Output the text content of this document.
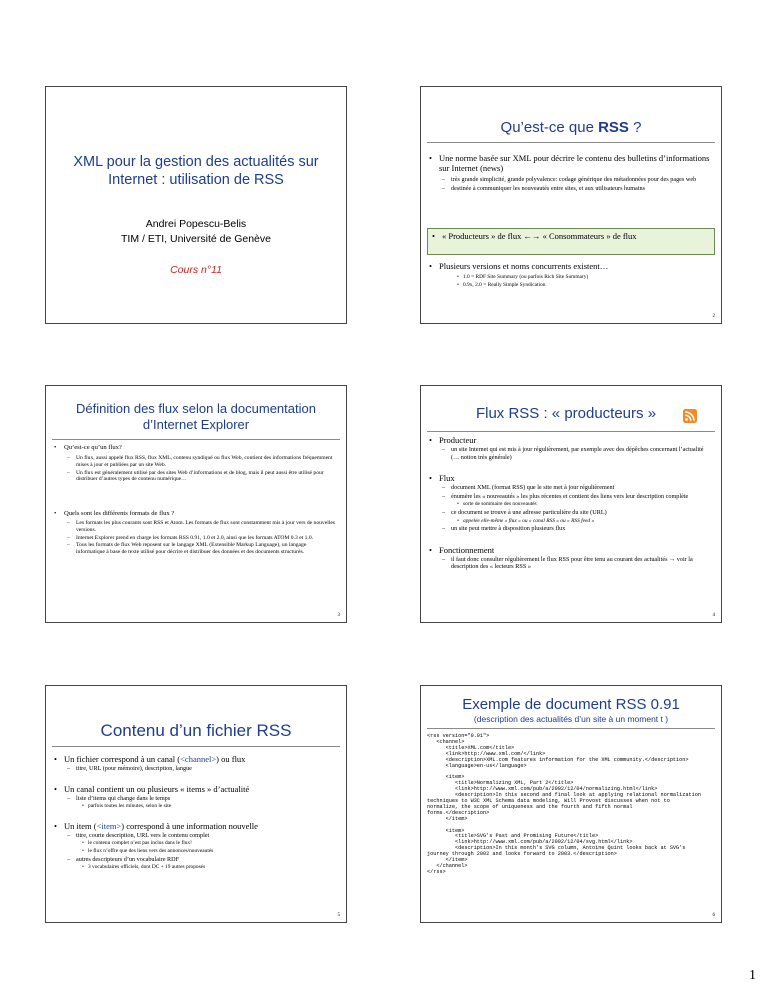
XML pour la gestion des actualités sur Internet : utilisation de RSS
Andrei Popescu-Belis
TIM / ETI, Université de Genève
Cours n°11
Qu’est-ce que RSS ?
• Une norme basée sur XML pour décrire le contenu des bulletins d’informations sur Internet (news)
– très grande simplicité, grande polyvalence: codage générique des métadonnées pour des pages web
– destinée à communiquer les nouveautés entre sites, et aux utilisateurs humains
• « Producteurs » de flux ←→ « Consommateurs » de flux
• Plusieurs versions et noms concurrents existent…
• 1.0 = RDF Site Summary (ou parfois Rich Site Summary)
• 0.9x, 2.0 = Really Simple Syndication
2
Définition des flux selon la documentation d’Internet Explorer
• Qu’est-ce qu’un flux?
– Un flux, aussi appelé flux RSS, flux XML, contenu syndiqué ou flux Web, contient des informations fréquemment mises à jour et publiées par un site Web.
– Un flux est généralement utilisé par des sites Web d’informations et de blog, mais il peut aussi être utilisé pour distribuer d’autres types de contenu numérique…
• Quels sont les différents formats de flux ?
– Les formats les plus courants sont RSS et Atom. Les formats de flux sont constamment mis à jour vers de nouvelles versions.
– Internet Explorer prend en charge les formats RSS 0.91, 1.0 et 2.0, ainsi que les formats ATOM 0.3 et 1.0.
– Tous les formats de flux Web reposent sur le langage XML (Extensible Markup Language), un langage informatique à base de texte utilisé pour décrire et distribuer des données et des documents structurés.
3
Flux RSS : « producteurs »
• Producteur
– un site Internet qui est mis à jour régulièrement, par exemple avec des dépêches concernant l’actualité (… notion très générale)
• Flux
– document XML (format RSS) que le site met à jour régulièrement
– énumère les « nouveautés » les plus récentes et contient des liens vers leur description complète
• sorte de sommaire des nouveautés
– ce document se trouve à une adresse particulière du site (URL)
• appelée elle-même « flux » ou « canal RSS » ou « RSS feed »
– un site peut mettre à disposition plusieurs flux
• Fonctionnement
– il faut donc consulter régulièrement le flux RSS pour être tenu au courant des actualités → voir la description des « lecteurs RSS »
4
Contenu d’un fichier RSS
• Un fichier correspond à un canal (<channel>) ou flux
– titre, URL (pour mémoire), description, langue
• Un canal contient un ou plusieurs « items » d’actualité
– liste d’items qui change dans le temps
• parfois toutes les minutes, selon le site
• Un item (<item>) correspond à une information nouvelle
– titre, courte description, URL vers le contenu complet
• le contenu complet n’est pas inclus dans le flux!
• le flux n’offre que des liens vers des annonces/nouveautés
– autres descripteurs d’un vocabulaire RDF
• 3 vocabulaires officiels, dont DC + 19 autres proposés
5
Exemple de document RSS 0.91
(description des actualités d’un site à un moment t )
<rss version="0.91">
<channel>
<title>XML.com</title>
<link>http://www.xml.com/</link>
<description>XML.com features information for the XML community.</description>
<language>en-us</language>

<item>
<title>Normalizing XML, Part 2</title>
<link>http://www.xml.com/pub/a/2002/12/04/normalizing.html</link>
<description>In this second and final look at applying relational normalization
techniques to W3C XML Schema data modeling, Will Provost discusses when not to
normalize, the scope of uniqueness and the fourth and fifth normal
forms.</description>
</item>

<item>
<title>SVG's Past and Promising Future</title>
<link>http://www.xml.com/pub/a/2002/12/04/svg.html</link>
<description>In this month's SVG column, Antoine Quint looks back at SVG's
journey through 2002 and looks forward to 2003.</description>
</item>
</channel>
</rss>
6
1
